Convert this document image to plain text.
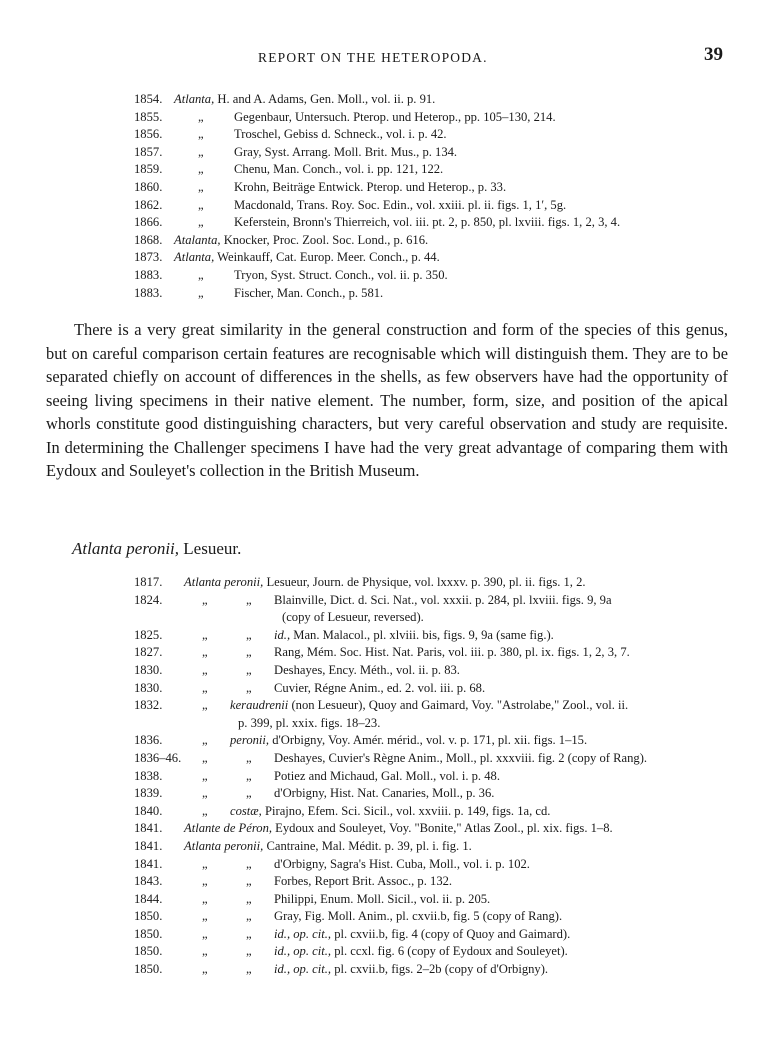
REPORT ON THE HETEROPODA.	39
1854. Atlanta, H. and A. Adams, Gen. Moll., vol. ii. p. 91.
1855.	„ Gegenbaur, Untersuch. Pterop. und Heterop., pp. 105–130, 214.
1856.	„ Troschel, Gebiss d. Schneck., vol. i. p. 42.
1857.	„ Gray, Syst. Arrang. Moll. Brit. Mus., p. 134.
1859.	„ Chenu, Man. Conch., vol. i. pp. 121, 122.
1860.	„ Krohn, Beiträge Entwick. Pterop. und Heterop., p. 33.
1862.	„ Macdonald, Trans. Roy. Soc. Edin., vol. xxiii. pl. ii. figs. 1, 1′, 5g.
1866.	„ Keferstein, Bronn's Thierreich, vol. iii. pt. 2, p. 850, pl. lxviii. figs. 1, 2, 3, 4.
1868. Atalanta, Knocker, Proc. Zool. Soc. Lond., p. 616.
1873. Atlanta, Weinkauff, Cat. Europ. Meer. Conch., p. 44.
1883.	„ Tryon, Syst. Struct. Conch., vol. ii. p. 350.
1883.	„ Fischer, Man. Conch., p. 581.

There is a very great similarity in the general construction and form of the species of this genus, but on careful comparison certain features are recognisable which will distinguish them. They are to be separated chiefly on account of differences in the shells, as few observers have had the opportunity of seeing living specimens in their native element. The number, form, size, and position of the apical whorls constitute good distinguishing characters, but very careful observation and study are requisite. In determining the Challenger specimens I have had the very great advantage of comparing them with Eydoux and Souleyet's collection in the British Museum.

Atlanta peronii, Lesueur.
1817. Atlanta peronii, Lesueur, Journ. de Physique, vol. lxxxv. p. 390, pl. ii. figs. 1, 2.
1824.	„	„ Blainville, Dict. d. Sci. Nat., vol. xxxii. p. 284, pl. lxviii. figs. 9, 9a
(copy of Lesueur, reversed).
1825.	„	„ id., Man. Malacol., pl. xlviii. bis, figs. 9, 9a (same fig.).
1827.	„	„ Rang, Mém. Soc. Hist. Nat. Paris, vol. iii. p. 380, pl. ix. figs. 1, 2, 3, 7.
1830.	„	„ Deshayes, Ency. Méth., vol. ii. p. 83.
1830.	„	„ Cuvier, Régne Anim., ed. 2. vol. iii. p. 68.
1832.	„ keraudrenii (non Lesueur), Quoy and Gaimard, Voy. "Astrolabe," Zool., vol. ii.
p. 399, pl. xxix. figs. 18–23.
1836.	„ peronii, d'Orbigny, Voy. Amér. mérid., vol. v. p. 171, pl. xii. figs. 1–15.
1836–46. „	„ Deshayes, Cuvier's Règne Anim., Moll., pl. xxxviii. fig. 2 (copy of Rang).
1838.	„	„ Potiez and Michaud, Gal. Moll., vol. i. p. 48.
1839.	„	„ d'Orbigny, Hist. Nat. Canaries, Moll., p. 36.
1840.	„ costæ, Pirajno, Efem. Sci. Sicil., vol. xxviii. p. 149, figs. 1a, cd.
1841. Atlante de Péron, Eydoux and Souleyet, Voy. "Bonite," Atlas Zool., pl. xix. figs. 1–8.
1841. Atlanta peronii, Cantraine, Mal. Médit. p. 39, pl. i. fig. 1.
1841.	„	„ d'Orbigny, Sagra's Hist. Cuba, Moll., vol. i. p. 102.
1843.	„	„ Forbes, Report Brit. Assoc., p. 132.
1844.	„	„ Philippi, Enum. Moll. Sicil., vol. ii. p. 205.
1850.	„	„ Gray, Fig. Moll. Anim., pl. cxvii.b, fig. 5 (copy of Rang).
1850.	„	„ id., op. cit., pl. cxvii.b, fig. 4 (copy of Quoy and Gaimard).
1850.	„	„ id., op. cit., pl. ccxl. fig. 6 (copy of Eydoux and Souleyet).
1850.	„	„ id., op. cit., pl. cxvii.b, figs. 2–2b (copy of d'Orbigny).
